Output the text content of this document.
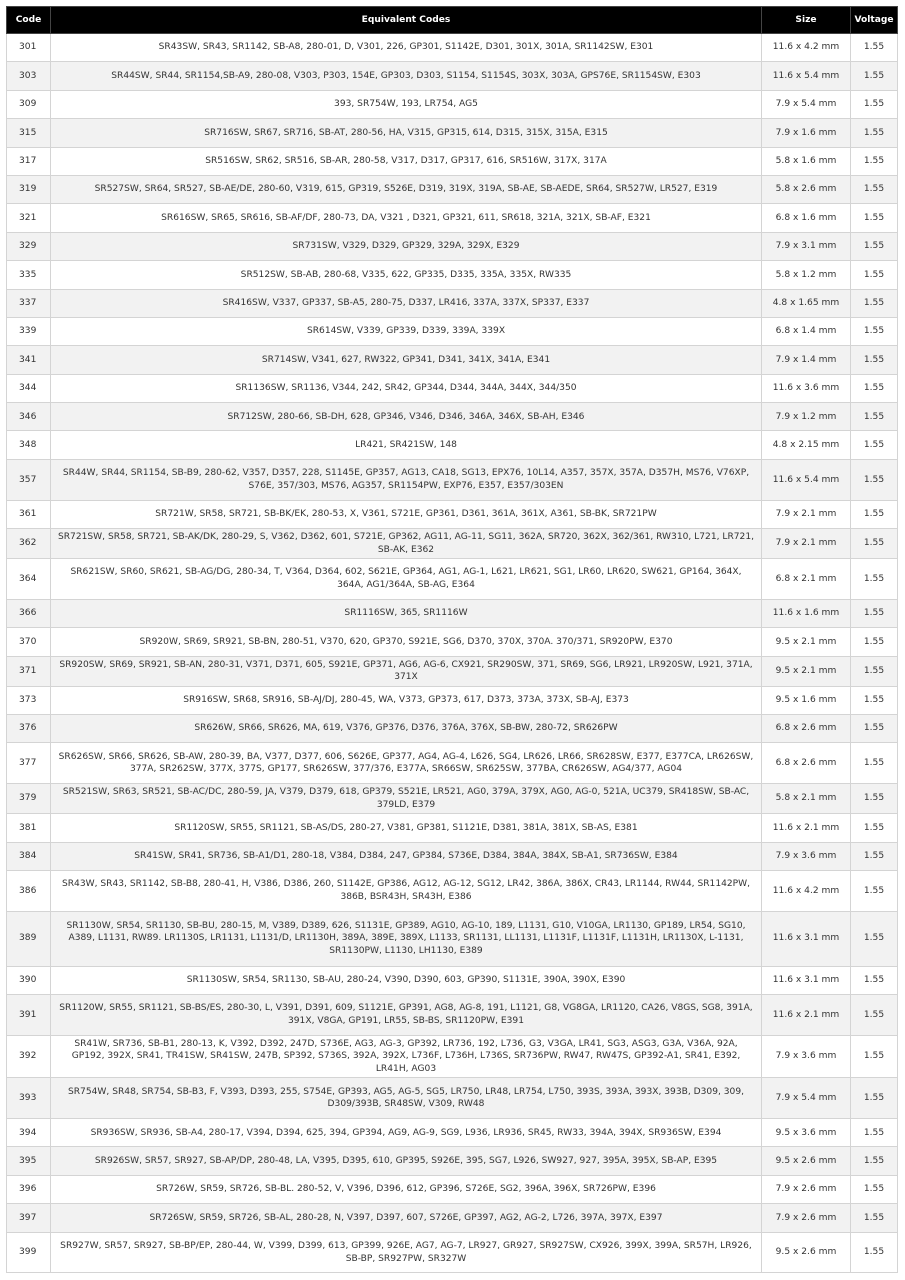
Code	Equivalent Codes	Size	Voltage
301	SR43SW, SR43, SR1142, SB-A8, 280-01, D, V301, 226, GP301, S1142E, D301, 301X, 301A, SR1142SW, E301	11.6 x 4.2 mm	1.55
303	SR44SW, SR44, SR1154,SB-A9, 280-08, V303, P303, 154E, GP303, D303, S1154, S1154S, 303X, 303A, GPS76E, SR1154SW, E303	11.6 x 5.4 mm	1.55
309	393, SR754W, 193, LR754, AG5	7.9 x 5.4 mm	1.55
315	SR716SW, SR67, SR716, SB-AT, 280-56, HA, V315, GP315, 614, D315, 315X, 315A, E315	7.9 x 1.6 mm	1.55
317	SR516SW, SR62, SR516, SB-AR, 280-58, V317, D317, GP317, 616, SR516W, 317X, 317A	5.8 x 1.6 mm	1.55
319	SR527SW, SR64, SR527, SB-AE/DE, 280-60, V319, 615, GP319, S526E, D319, 319X, 319A, SB-AE, SB-AEDE, SR64, SR527W, LR527, E319	5.8 x 2.6 mm	1.55
321	SR616SW, SR65, SR616, SB-AF/DF, 280-73, DA, V321 , D321, GP321, 611, SR618, 321A, 321X, SB-AF, E321	6.8 x 1.6 mm	1.55
329	SR731SW, V329, D329, GP329, 329A, 329X, E329	7.9 x 3.1 mm	1.55
335	SR512SW, SB-AB, 280-68, V335, 622, GP335, D335, 335A, 335X, RW335	5.8 x 1.2 mm	1.55
337	SR416SW, V337, GP337, SB-A5, 280-75, D337, LR416, 337A, 337X, SP337, E337	4.8 x 1.65 mm	1.55
339	SR614SW, V339, GP339, D339, 339A, 339X	6.8 x 1.4 mm	1.55
341	SR714SW, V341, 627, RW322, GP341, D341, 341X, 341A, E341	7.9 x 1.4 mm	1.55
344	SR1136SW, SR1136, V344, 242, SR42, GP344, D344, 344A, 344X, 344/350	11.6 x 3.6 mm	1.55
346	SR712SW, 280-66, SB-DH, 628, GP346, V346, D346, 346A, 346X, SB-AH, E346	7.9 x 1.2 mm	1.55
348	LR421, SR421SW, 148	4.8 x 2.15 mm	1.55
357	SR44W, SR44, SR1154, SB-B9, 280-62, V357, D357, 228, S1145E, GP357, AG13, CA18, SG13, EPX76, 10L14, A357, 357X, 357A, D357H, MS76, V76XP, S76E, 357/303, MS76, AG357, SR1154PW, EXP76, E357, E357/303EN	11.6 x 5.4 mm	1.55
361	SR721W, SR58, SR721, SB-BK/EK, 280-53, X, V361, S721E, GP361, D361, 361A, 361X, A361, SB-BK, SR721PW	7.9 x 2.1 mm	1.55
362	SR721SW, SR58, SR721, SB-AK/DK, 280-29, S, V362, D362, 601, S721E, GP362, AG11, AG-11, SG11, 362A, SR720, 362X, 362/361, RW310, L721, LR721, SB-AK, E362	7.9 x 2.1 mm	1.55
364	SR621SW, SR60, SR621, SB-AG/DG, 280-34, T, V364, D364, 602, S621E, GP364, AG1, AG-1, L621, LR621, SG1, LR60, LR620, SW621, GP164, 364X, 364A, AG1/364A, SB-AG, E364	6.8 x 2.1 mm	1.55
366	SR1116SW, 365, SR1116W	11.6 x 1.6 mm	1.55
370	SR920W, SR69, SR921, SB-BN, 280-51, V370, 620, GP370, S921E, SG6, D370, 370X, 370A. 370/371, SR920PW, E370	9.5 x 2.1 mm	1.55
371	SR920SW, SR69, SR921, SB-AN, 280-31, V371, D371, 605, S921E, GP371, AG6, AG-6, CX921, SR290SW, 371, SR69, SG6, LR921, LR920SW, L921, 371A, 371X	9.5 x 2.1 mm	1.55
373	SR916SW, SR68, SR916, SB-AJ/DJ, 280-45, WA, V373, GP373, 617, D373, 373A, 373X, SB-AJ, E373	9.5 x 1.6 mm	1.55
376	SR626W, SR66, SR626, MA, 619, V376, GP376, D376, 376A, 376X, SB-BW, 280-72, SR626PW	6.8 x 2.6 mm	1.55
377	SR626SW, SR66, SR626, SB-AW, 280-39, BA, V377, D377, 606, S626E, GP377, AG4, AG-4, L626, SG4, LR626, LR66, SR628SW, E377, E377CA, LR626SW, 377A, SR262SW, 377X, 377S, GP177, SR626SW, 377/376, E377A, SR66SW, SR625SW, 377BA, CR626SW, AG4/377, AG04	6.8 x 2.6 mm	1.55
379	SR521SW, SR63, SR521, SB-AC/DC, 280-59, JA, V379, D379, 618, GP379, S521E, LR521, AG0, 379A, 379X, AG0, AG-0, 521A, UC379, SR418SW, SB-AC, 379LD, E379	5.8 x 2.1 mm	1.55
381	SR1120SW, SR55, SR1121, SB-AS/DS, 280-27, V381, GP381, S1121E, D381, 381A, 381X, SB-AS, E381	11.6 x 2.1 mm	1.55
384	SR41SW, SR41, SR736, SB-A1/D1, 280-18, V384, D384, 247, GP384, S736E, D384, 384A, 384X, SB-A1, SR736SW, E384	7.9 x 3.6 mm	1.55
386	SR43W, SR43, SR1142, SB-B8, 280-41, H, V386, D386, 260, S1142E, GP386, AG12, AG-12, SG12, LR42, 386A, 386X, CR43, LR1144, RW44, SR1142PW, 386B, BSR43H, SR43H, E386	11.6 x 4.2 mm	1.55
389	SR1130W, SR54, SR1130, SB-BU, 280-15, M, V389, D389, 626, S1131E, GP389, AG10, AG-10, 189, L1131, G10, V10GA, LR1130, GP189, LR54, SG10, A389, L1131, RW89. LR1130S, LR1131, L1131/D, LR1130H, 389A, 389E, 389X, L1133, SR1131, LL1131, L1131F, L1131F, L1131H, LR1130X, L-1131, SR1130PW, L1130, LH1130, E389	11.6 x 3.1 mm	1.55
390	SR1130SW, SR54, SR1130, SB-AU, 280-24, V390, D390, 603, GP390, S1131E, 390A, 390X, E390	11.6 x 3.1 mm	1.55
391	SR1120W, SR55, SR1121, SB-BS/ES, 280-30, L, V391, D391, 609, S1121E, GP391, AG8, AG-8, 191, L1121, G8, VG8GA, LR1120, CA26, V8GS, SG8, 391A, 391X, V8GA, GP191, LR55, SB-BS, SR1120PW, E391	11.6 x 2.1 mm	1.55
392	SR41W, SR736, SB-B1, 280-13, K, V392, D392, 247D, S736E, AG3, AG-3, GP392, LR736, 192, L736, G3, V3GA, LR41, SG3, ASG3, G3A, V36A, 92A, GP192, 392X, SR41, TR41SW, SR41SW, 247B, SP392, S736S, 392A, 392X, L736F, L736H, L736S, SR736PW, RW47, RW47S, GP392-A1, SR41, E392, LR41H, AG03	7.9 x 3.6 mm	1.55
393	SR754W, SR48, SR754, SB-B3, F, V393, D393, 255, S754E, GP393, AG5, AG-5, SG5, LR750, LR48, LR754, L750, 393S, 393A, 393X, 393B, D309, 309, D309/393B, SR48SW, V309, RW48	7.9 x 5.4 mm	1.55
394	SR936SW, SR936, SB-A4, 280-17, V394, D394, 625, 394, GP394, AG9, AG-9, SG9, L936, LR936, SR45, RW33, 394A, 394X, SR936SW, E394	9.5 x 3.6 mm	1.55
395	SR926SW, SR57, SR927, SB-AP/DP, 280-48, LA, V395, D395, 610, GP395, S926E, 395, SG7, L926, SW927, 927, 395A, 395X, SB-AP, E395	9.5 x 2.6 mm	1.55
396	SR726W, SR59, SR726, SB-BL. 280-52, V, V396, D396, 612, GP396, S726E, SG2, 396A, 396X, SR726PW, E396	7.9 x 2.6 mm	1.55
397	SR726SW, SR59, SR726, SB-AL, 280-28, N, V397, D397, 607, S726E, GP397, AG2, AG-2, L726, 397A, 397X, E397	7.9 x 2.6 mm	1.55
399	SR927W, SR57, SR927, SB-BP/EP, 280-44, W, V399, D399, 613, GP399, 926E, AG7, AG-7, LR927, GR927, SR927SW, CX926, 399X, 399A, SR57H, LR926, SB-BP, SR927PW, SR327W	9.5 x 2.6 mm	1.55
